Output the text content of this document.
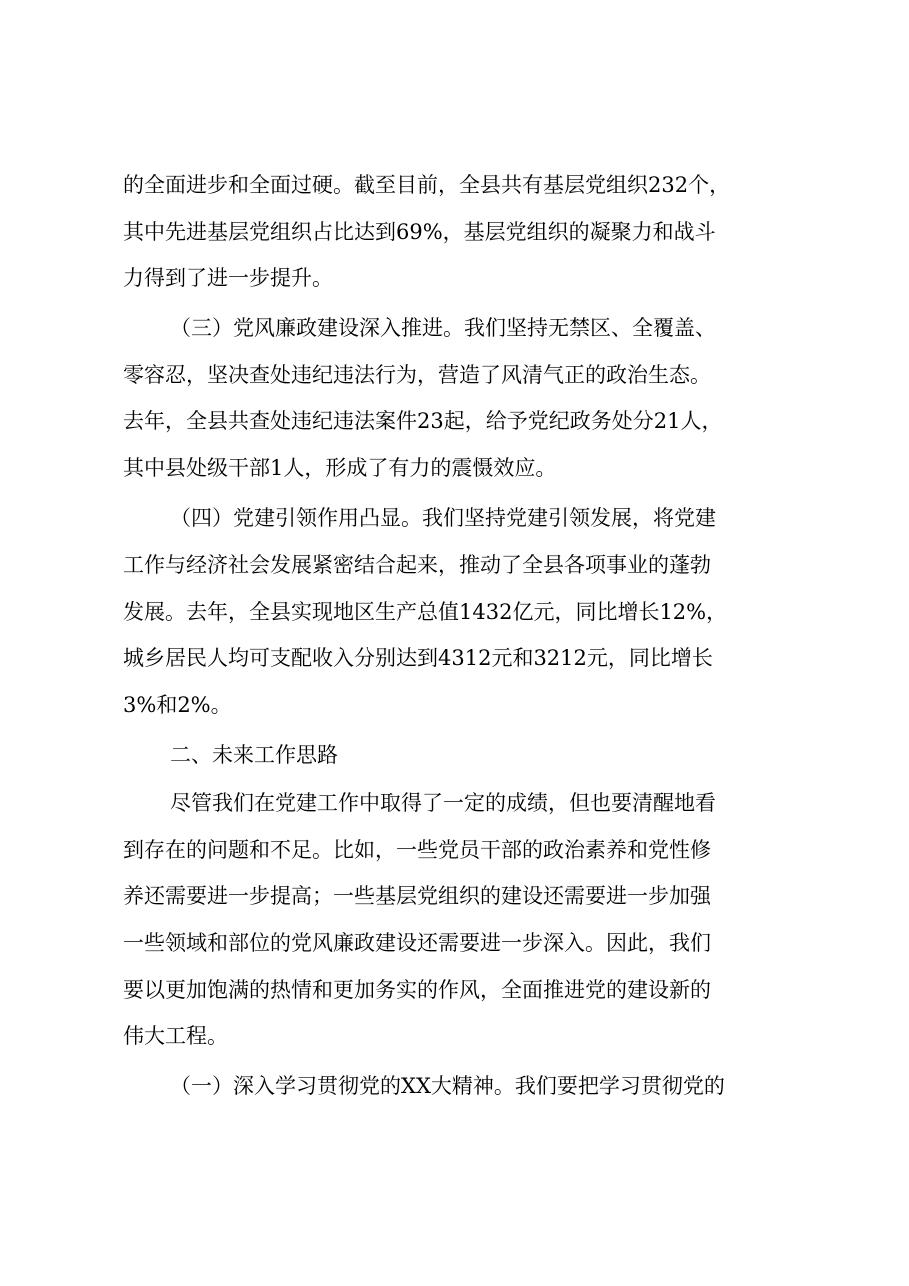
的全面进步和全面过硬。截至目前，全县共有基层党组织232个，
其中先进基层党组织占比达到69%，基层党组织的凝聚力和战斗
力得到了进一步提升。
（三）党风廉政建设深入推进。我们坚持无禁区、全覆盖、
零容忍，坚决查处违纪违法行为，营造了风清气正的政治生态。
去年，全县共查处违纪违法案件23起，给予党纪政务处分21人，
其中县处级干部1人，形成了有力的震慑效应。
（四）党建引领作用凸显。我们坚持党建引领发展，将党建
工作与经济社会发展紧密结合起来，推动了全县各项事业的蓬勃
发展。去年，全县实现地区生产总值1432亿元，同比增长12%，
城乡居民人均可支配收入分别达到4312元和3212元，同比增长
3%和2%。
二、未来工作思路
尽管我们在党建工作中取得了一定的成绩，但也要清醒地看
到存在的问题和不足。比如，一些党员干部的政治素养和党性修
养还需要进一步提高；一些基层党组织的建设还需要进一步加强
一些领域和部位的党风廉政建设还需要进一步深入。因此，我们
要以更加饱满的热情和更加务实的作风，全面推进党的建设新的
伟大工程。
（一）深入学习贯彻党的XX大精神。我们要把学习贯彻党的
